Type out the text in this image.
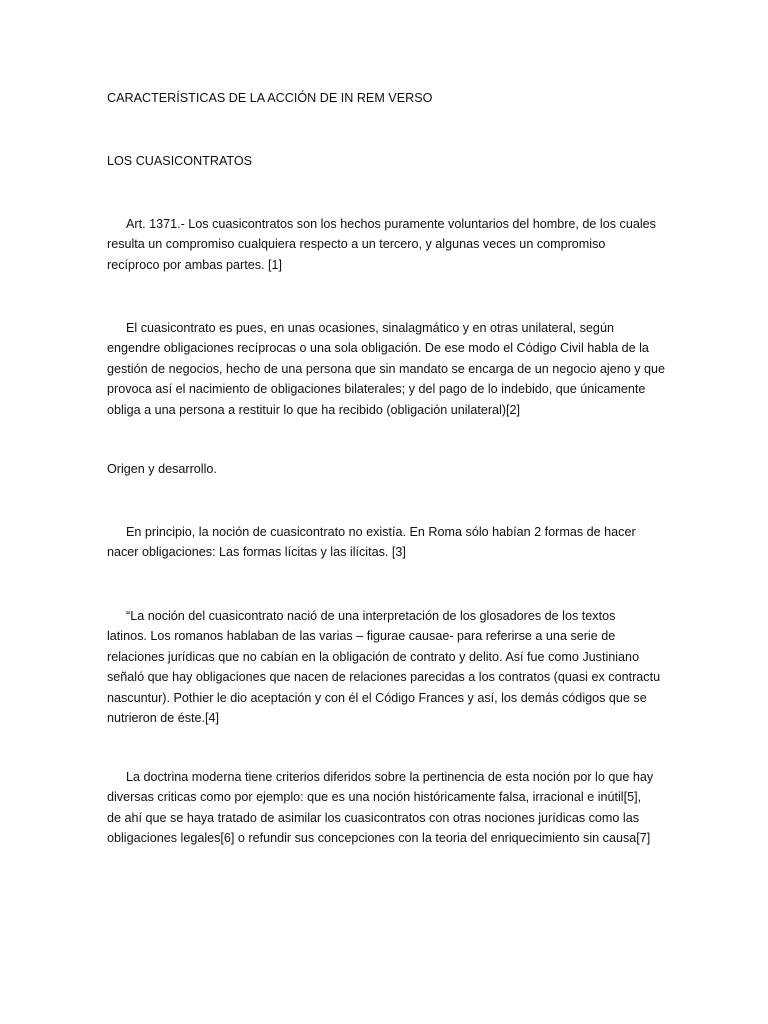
CARACTERÍSTICAS DE LA ACCIÓN DE IN REM VERSO
LOS CUASICONTRATOS
Art. 1371.- Los cuasicontratos son los hechos puramente voluntarios del hombre, de los cuales
resulta un compromiso cualquiera respecto a un tercero, y algunas veces un compromiso
recíproco por ambas partes. [1]
El cuasicontrato es pues, en unas ocasiones, sinalagmático y en otras unilateral, según
engendre obligaciones recíprocas o una sola obligación. De ese modo el Código Civil habla de la
gestión de negocios, hecho de una persona que sin mandato se encarga de un negocio ajeno y que
provoca así el nacimiento de obligaciones bilaterales; y del pago de lo indebido, que únicamente
obliga a una persona a restituir lo que ha recibido (obligación unilateral)[2]
Origen y desarrollo.
En principio, la noción de cuasicontrato no existía. En Roma sólo habían 2 formas de hacer
nacer obligaciones: Las formas lícitas y las ilícitas. [3]
“La noción del cuasicontrato nació de una interpretación de los glosadores de los textos
latinos. Los romanos hablaban de las varias – figurae causae- para referirse a una serie de
relaciones jurídicas que no cabían en la obligación de contrato y delito. Así fue como Justiniano
señaló que hay obligaciones que nacen de relaciones parecidas a los contratos (quasi ex contractu
nascuntur). Pothier le dio aceptación y con él el Código Frances y así, los demás códigos que se
nutrieron de éste.[4]
La doctrina moderna tiene criterios diferidos sobre la pertinencia de esta noción por lo que hay
diversas criticas como por ejemplo: que es una noción históricamente falsa, irracional e inútil[5],
de ahí que se haya tratado de asimilar los cuasicontratos con otras nociones jurídicas como las
obligaciones legales[6] o refundir sus concepciones con la teoria del enriquecimiento sin causa[7]
